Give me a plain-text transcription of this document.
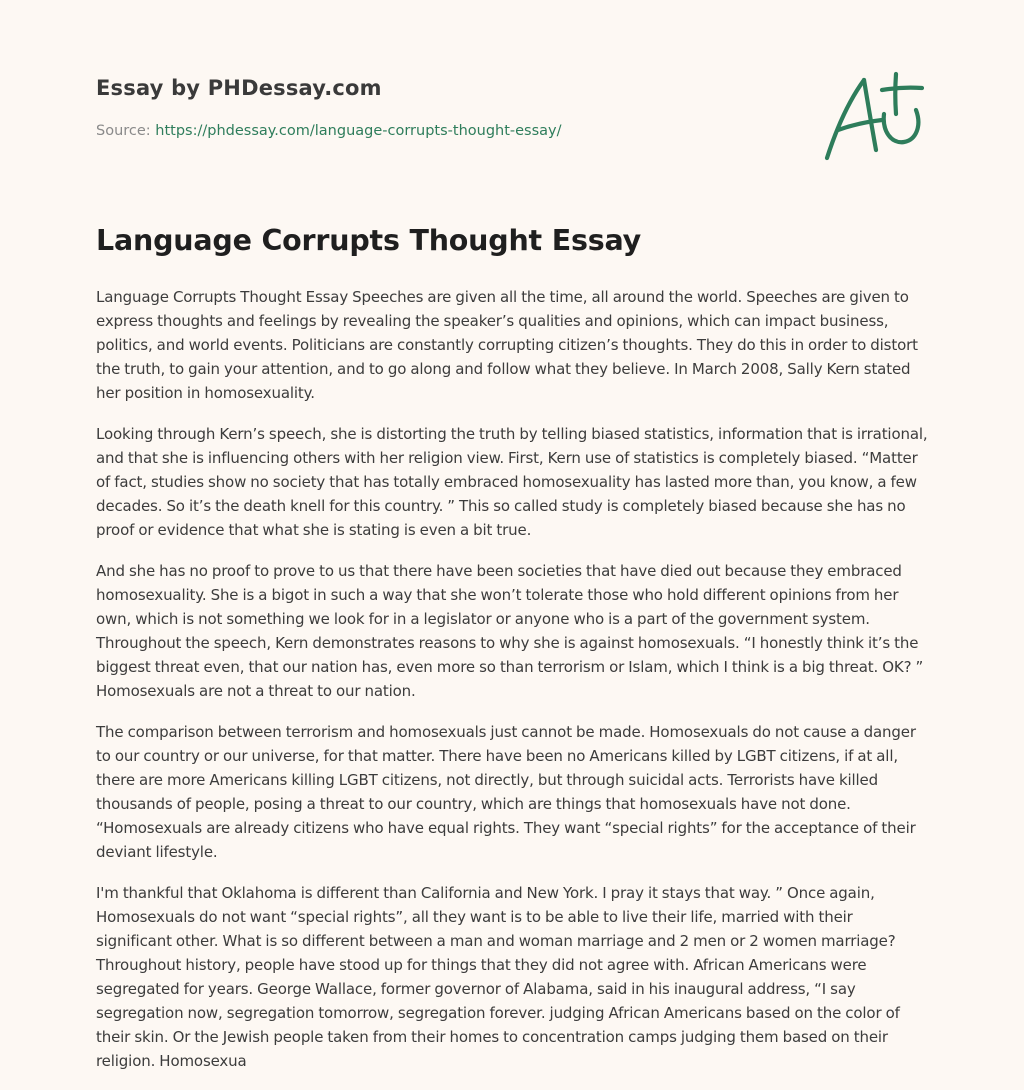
Essay by PHDessay.com

Source: https://phdessay.com/language-corrupts-thought-essay/

Language Corrupts Thought Essay

Language Corrupts Thought Essay Speeches are given all the time, all around the world. Speeches are given to express thoughts and feelings by revealing the speaker’s qualities and opinions, which can impact business, politics, and world events. Politicians are constantly corrupting citizen’s thoughts. They do this in order to distort the truth, to gain your attention, and to go along and follow what they believe. In March 2008, Sally Kern stated her position in homosexuality.

Looking through Kern’s speech, she is distorting the truth by telling biased statistics, information that is irrational, and that she is influencing others with her religion view. First, Kern use of statistics is completely biased. “Matter of fact, studies show no society that has totally embraced homosexuality has lasted more than, you know, a few decades. So it’s the death knell for this country. ” This so called study is completely biased because she has no proof or evidence that what she is stating is even a bit true.

And she has no proof to prove to us that there have been societies that have died out because they embraced homosexuality. She is a bigot in such a way that she won’t tolerate those who hold different opinions from her own, which is not something we look for in a legislator or anyone who is a part of the government system. Throughout the speech, Kern demonstrates reasons to why she is against homosexuals. “I honestly think it’s the biggest threat even, that our nation has, even more so than terrorism or Islam, which I think is a big threat. OK? ” Homosexuals are not a threat to our nation.

The comparison between terrorism and homosexuals just cannot be made. Homosexuals do not cause a danger to our country or our universe, for that matter. There have been no Americans killed by LGBT citizens, if at all, there are more Americans killing LGBT citizens, not directly, but through suicidal acts. Terrorists have killed thousands of people, posing a threat to our country, which are things that homosexuals have not done. “Homosexuals are already citizens who have equal rights. They want “special rights” for the acceptance of their deviant lifestyle.

I'm thankful that Oklahoma is different than California and New York. I pray it stays that way. ” Once again, Homosexuals do not want “special rights”, all they want is to be able to live their life, married with their significant other. What is so different between a man and woman marriage and 2 men or 2 women marriage? Throughout history, people have stood up for things that they did not agree with. African Americans were segregated for years. George Wallace, former governor of Alabama, said in his inaugural address, “I say segregation now, segregation tomorrow, segregation forever. judging African Americans based on the color of their skin. Or the Jewish people taken from their homes to concentration camps judging them based on their religion. Homosexua
